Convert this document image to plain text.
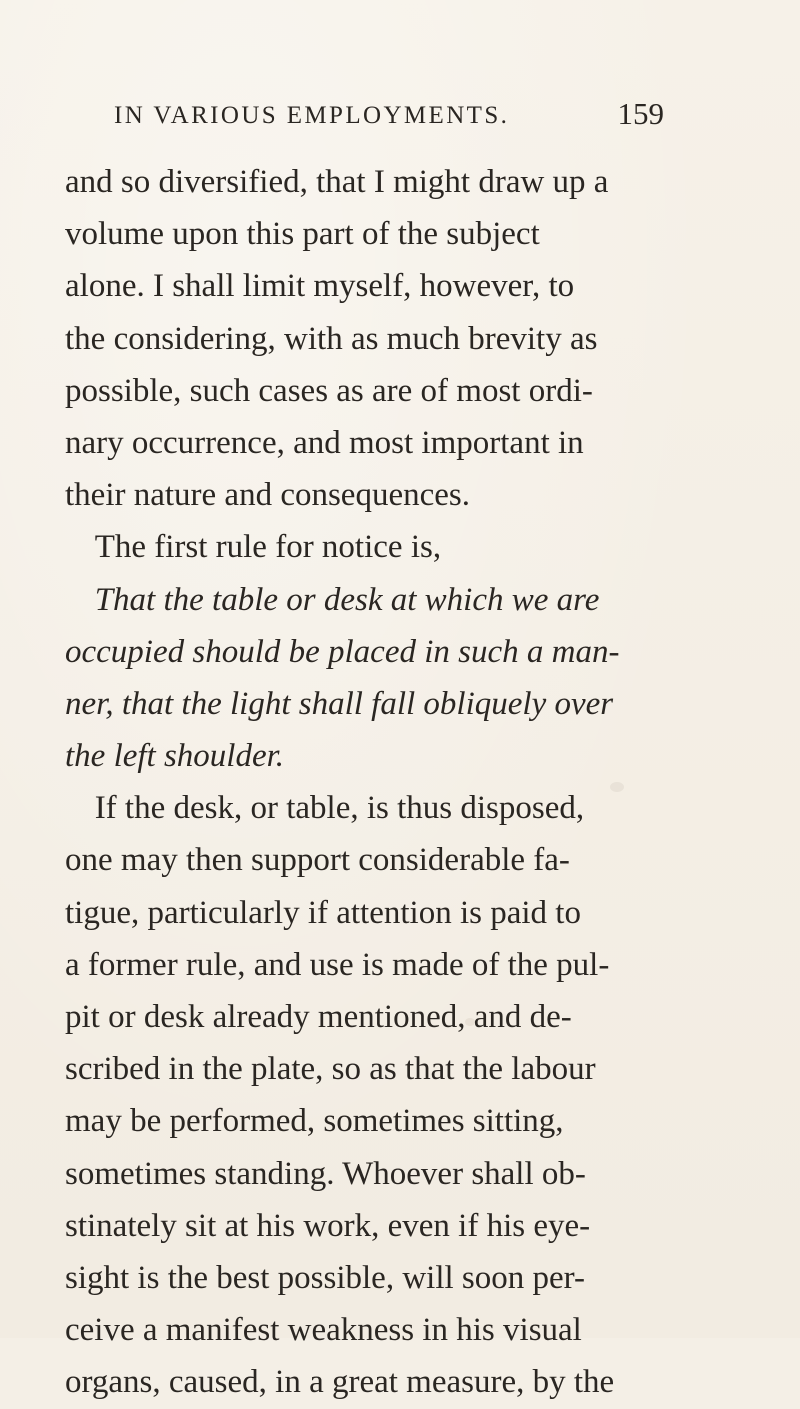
IN VARIOUS EMPLOYMENTS.	159
and so diversified, that I might draw up a
volume upon this part of the subject
alone. I shall limit myself, however, to
the considering, with as much brevity as
possible, such cases as are of most ordi-
nary occurrence, and most important in
their nature and consequences.
The first rule for notice is,
That the table or desk at which we are
occupied should be placed in such a man-
ner, that the light shall fall obliquely over
the left shoulder.
If the desk, or table, is thus disposed,
one may then support considerable fa-
tigue, particularly if attention is paid to
a former rule, and use is made of the pul-
pit or desk already mentioned, and de-
scribed in the plate, so as that the labour
may be performed, sometimes sitting,
sometimes standing. Whoever shall ob-
stinately sit at his work, even if his eye-
sight is the best possible, will soon per-
ceive a manifest weakness in his visual
organs, caused, in a great measure, by the
